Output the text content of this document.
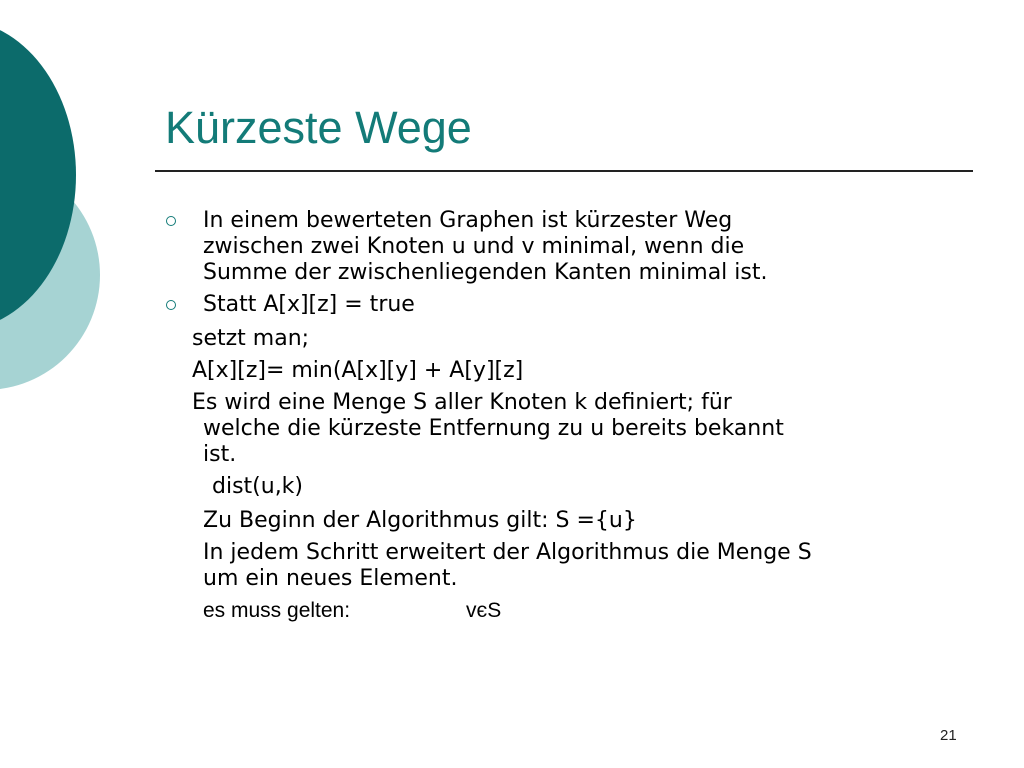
Kürzeste Wege
In einem bewerteten Graphen ist kürzester Weg
zwischen zwei Knoten u und v minimal, wenn die
Summe der zwischenliegenden Kanten minimal ist.
Statt A[x][z] = true
setzt man;
A[x][z]= min(A[x][y] + A[y][z]
Es wird eine Menge S aller Knoten k definiert; für
welche die kürzeste Entfernung zu u bereits bekannt
ist.
dist(u,k)
Zu Beginn der Algorithmus gilt: S ={u}
In jedem Schritt erweitert der Algorithmus die Menge S
um ein neues Element.
es muss gelten:	vєS
21
